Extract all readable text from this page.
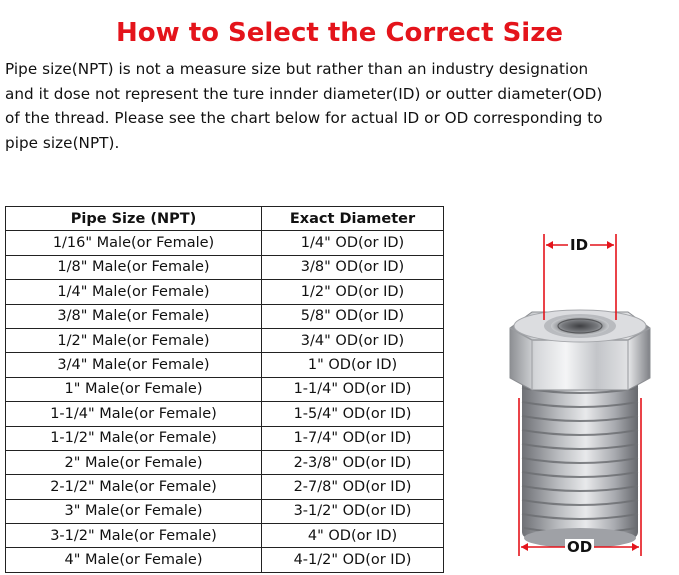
How to Select the Correct Size

Pipe size(NPT) is not a measure size but rather than an industry designation

and it dose not represent the ture innder diameter(ID) or outter diameter(OD)

of the thread. Please see the chart below for actual ID or OD corresponding to

pipe size(NPT).

Pipe Size (NPT)	Exact Diameter
1/16" Male(or Female)	1/4" OD(or ID)
1/8" Male(or Female)	3/8" OD(or ID)
1/4" Male(or Female)	1/2" OD(or ID)
3/8" Male(or Female)	5/8" OD(or ID)
1/2" Male(or Female)	3/4" OD(or ID)
3/4" Male(or Female)	1" OD(or ID)
1" Male(or Female)	1-1/4" OD(or ID)
1-1/4" Male(or Female)	1-5/4" OD(or ID)
1-1/2" Male(or Female)	1-7/4" OD(or ID)
2" Male(or Female)	2-3/8" OD(or ID)
2-1/2" Male(or Female)	2-7/8" OD(or ID)
3" Male(or Female)	3-1/2" OD(or ID)
3-1/2" Male(or Female)	4" OD(or ID)
4" Male(or Female)	4-1/2" OD(or ID)
ID
OD
